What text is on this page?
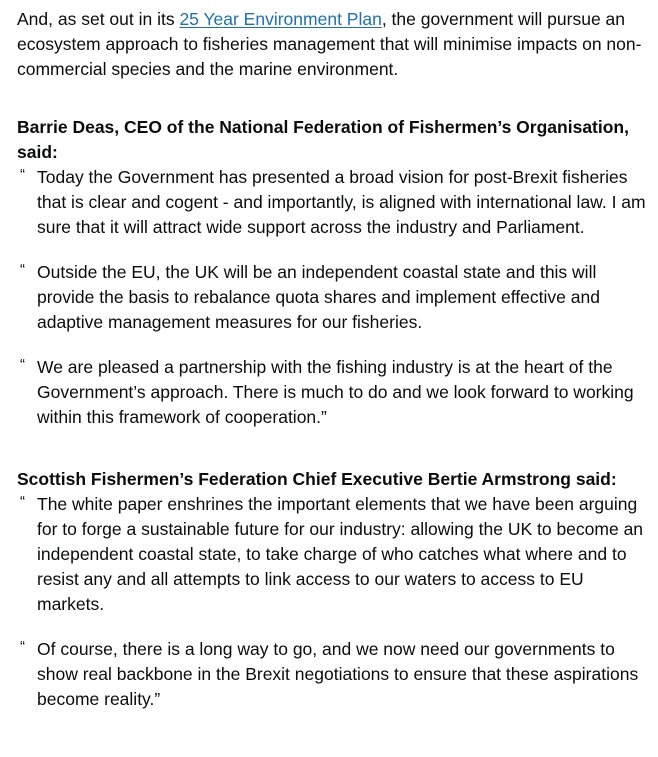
And, as set out in its 25 Year Environment Plan, the government will pursue an ecosystem approach to fisheries management that will minimise impacts on non-commercial species and the marine environment.

Barrie Deas, CEO of the National Federation of Fishermen’s Organisation, said:

“ Today the Government has presented a broad vision for post-Brexit fisheries that is clear and cogent - and importantly, is aligned with international law. I am sure that it will attract wide support across the industry and Parliament.

“ Outside the EU, the UK will be an independent coastal state and this will provide the basis to rebalance quota shares and implement effective and adaptive management measures for our fisheries.

“ We are pleased a partnership with the fishing industry is at the heart of the Government’s approach. There is much to do and we look forward to working within this framework of cooperation.”

Scottish Fishermen’s Federation Chief Executive Bertie Armstrong said:

“ The white paper enshrines the important elements that we have been arguing for to forge a sustainable future for our industry: allowing the UK to become an independent coastal state, to take charge of who catches what where and to resist any and all attempts to link access to our waters to access to EU markets.

“ Of course, there is a long way to go, and we now need our governments to show real backbone in the Brexit negotiations to ensure that these aspirations become reality.”
